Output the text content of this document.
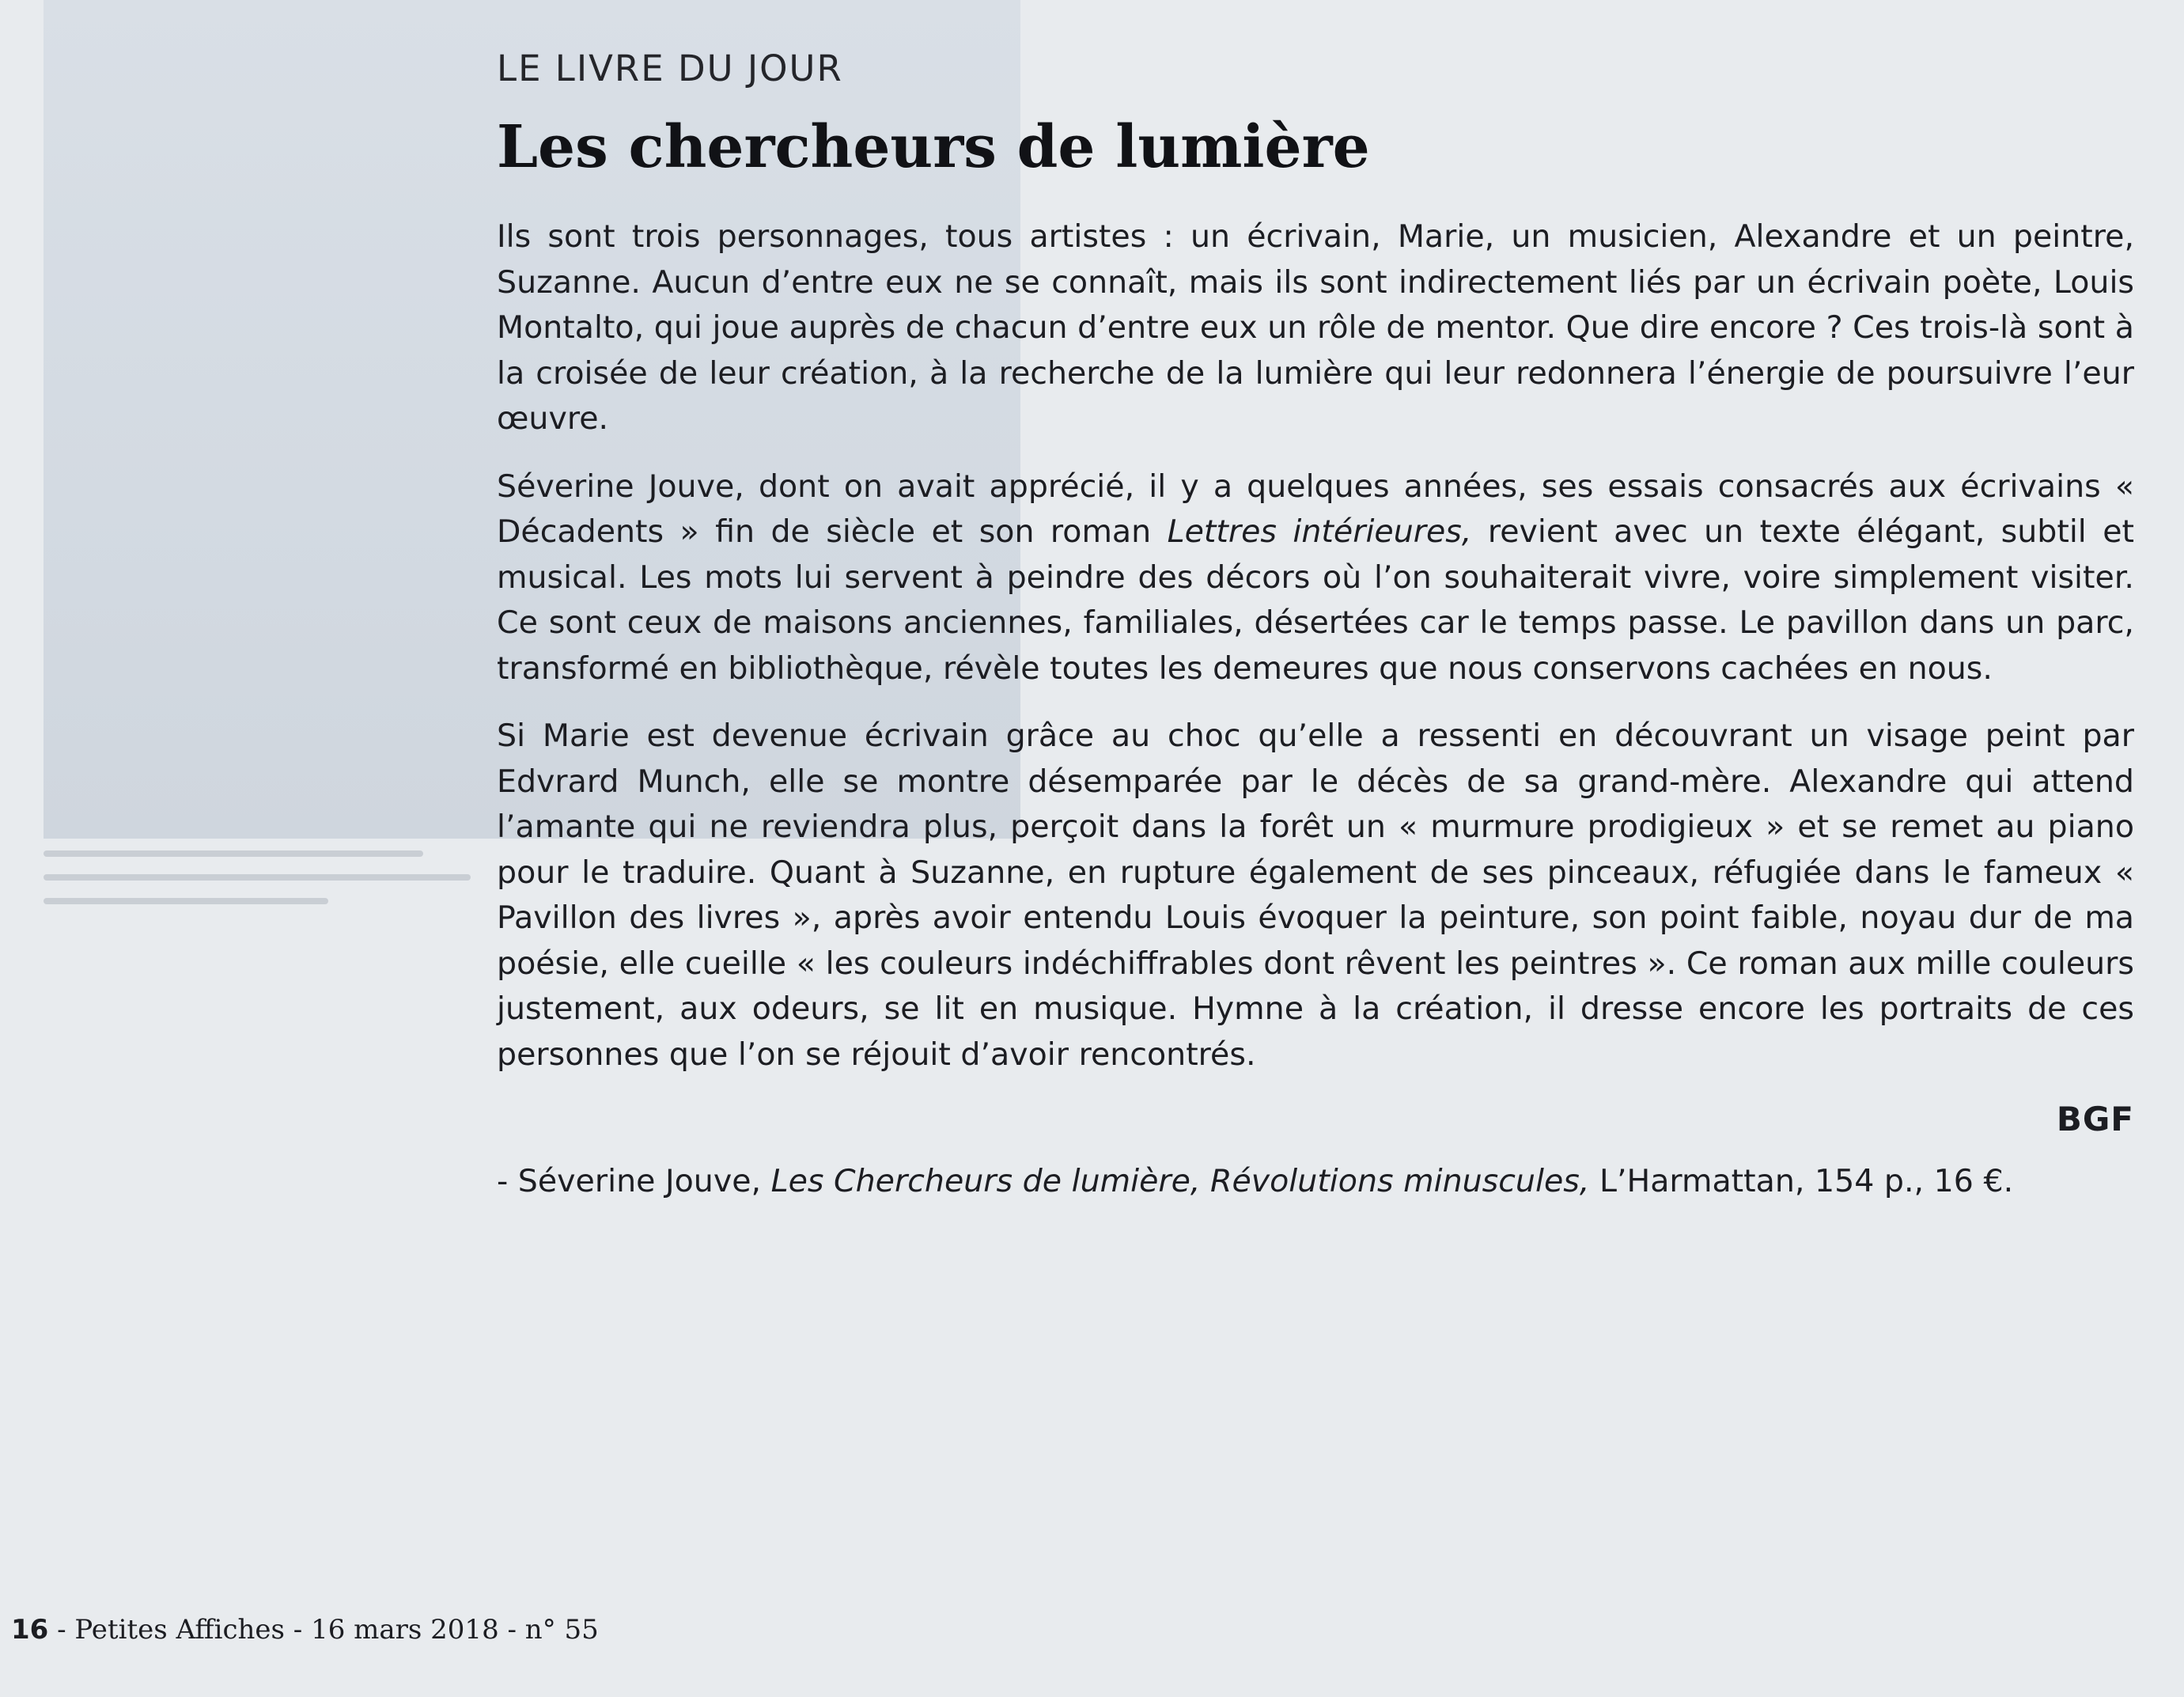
LE LIVRE DU JOUR
Les chercheurs de lumière

Ils sont trois personnages, tous artistes : un écrivain, Marie, un musicien, Alexandre et un peintre, Suzanne. Aucun d’entre eux ne se connaît, mais ils sont indirectement liés par un écrivain poète, Louis Montalto, qui joue auprès de chacun d’entre eux un rôle de mentor. Que dire encore ? Ces trois-là sont à la croisée de leur création, à la recherche de la lumière qui leur redonnera l’énergie de poursuivre l’eur œuvre.

Séverine Jouve, dont on avait apprécié, il y a quelques années, ses essais consacrés aux écrivains « Décadents » fin de siècle et son roman Lettres intérieures, revient avec un texte élégant, subtil et musical. Les mots lui servent à peindre des décors où l’on souhaiterait vivre, voire simplement visiter. Ce sont ceux de maisons anciennes, familiales, désertées car le temps passe. Le pavillon dans un parc, transformé en bibliothèque, révèle toutes les demeures que nous conservons cachées en nous.

Si Marie est devenue écrivain grâce au choc qu’elle a ressenti en découvrant un visage peint par Edvrard Munch, elle se montre désemparée par le décès de sa grand-mère. Alexandre qui attend l’amante qui ne reviendra plus, perçoit dans la forêt un « murmure prodigieux » et se remet au piano pour le traduire. Quant à Suzanne, en rupture également de ses pinceaux, réfugiée dans le fameux « Pavillon des livres », après avoir entendu Louis évoquer la peinture, son point faible, noyau dur de ma poésie, elle cueille « les couleurs indéchiffrables dont rêvent les peintres ». Ce roman aux mille couleurs justement, aux odeurs, se lit en musique. Hymne à la création, il dresse encore les portraits de ces personnes que l’on se réjouit d’avoir rencontrés.

BGF

- Séverine Jouve, Les Chercheurs de lumière, Révolutions minuscules, L’Harmattan, 154 p., 16 €.

16 - Petites Affiches - 16 mars 2018 - n° 55
